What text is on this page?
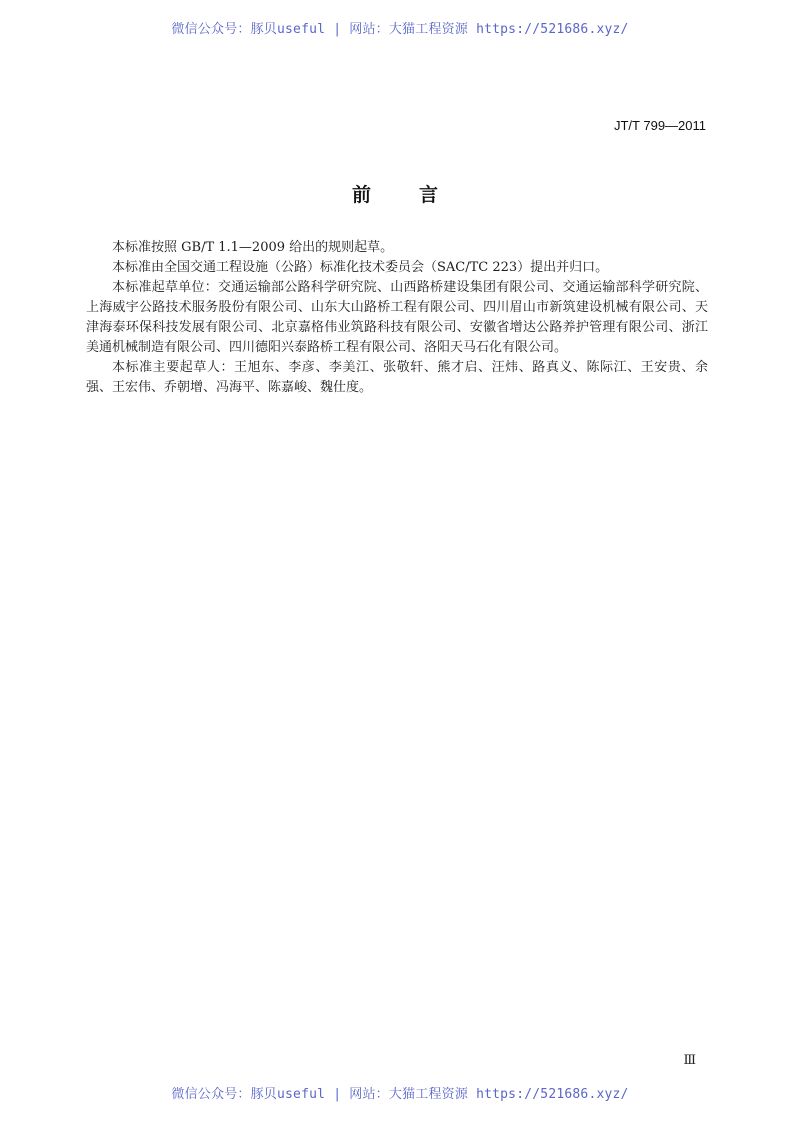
微信公众号：豚贝useful | 网站：大猫工程资源 https://521686.xyz/
JT/T 799—2011
前言

本标准按照 GB/T 1.1—2009 给出的规则起草。

本标准由全国交通工程设施（公路）标准化技术委员会（SAC/TC 223）提出并归口。

本标准起草单位：交通运输部公路科学研究院、山西路桥建设集团有限公司、交通运输部科学研究院、上海威宇公路技术服务股份有限公司、山东大山路桥工程有限公司、四川眉山市新筑建设机械有限公司、天津海泰环保科技发展有限公司、北京嘉格伟业筑路科技有限公司、安徽省增达公路养护管理有限公司、浙江美通机械制造有限公司、四川德阳兴泰路桥工程有限公司、洛阳天马石化有限公司。

本标准主要起草人：王旭东、李彦、李美江、张敬轩、熊才启、汪炜、路真义、陈际江、王安贵、余强、王宏伟、乔朝增、冯海平、陈嘉峻、魏仕度。

Ⅲ
微信公众号：豚贝useful | 网站：大猫工程资源 https://521686.xyz/
